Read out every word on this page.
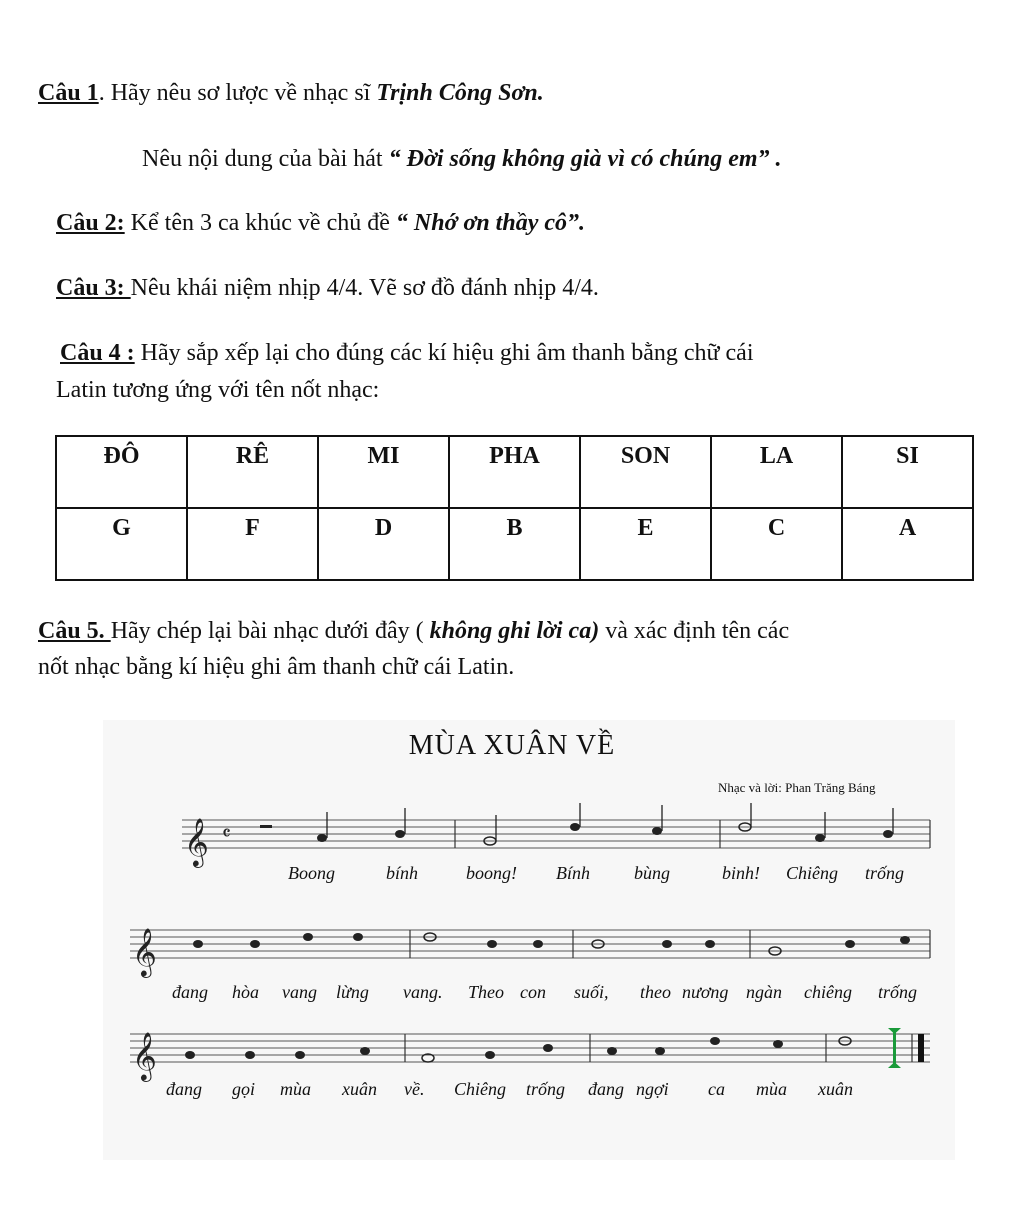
Câu 1. Hãy nêu sơ lược về nhạc sĩ Trịnh Công Sơn.
Nêu nội dung của bài hát “ Đời sống không già vì có chúng em” .
Câu 2: Kể tên 3 ca khúc về chủ đề “ Nhớ ơn thầy cô”.
Câu 3: Nêu khái niệm nhịp 4/4. Vẽ sơ đồ đánh nhịp 4/4.
Câu 4 : Hãy sắp xếp lại cho đúng các kí hiệu ghi âm thanh bằng chữ cái
Latin tương ứng với tên nốt nhạc:
ĐÔ	RÊ	MI	PHA	SON	LA	SI
G	F	D	B	E	C	A
Câu 5. Hãy chép lại bài nhạc dưới đây ( không ghi lời ca) và xác định tên các
nốt nhạc bằng kí hiệu ghi âm thanh chữ cái Latin.
MÙA XUÂN VỀ
Nhạc và lời: Phan Trăng Báng
𝄞
𝄞
𝄞
𝄴
Boong	bính	boong! Bính bùng	binh! Chiêng trống
đang hòa vang lừng vang. Theo con suối, theo nương ngàn chiêng trống
đang gọi mùa xuân về. Chiêng trống đang ngợi ca mùa xuân
